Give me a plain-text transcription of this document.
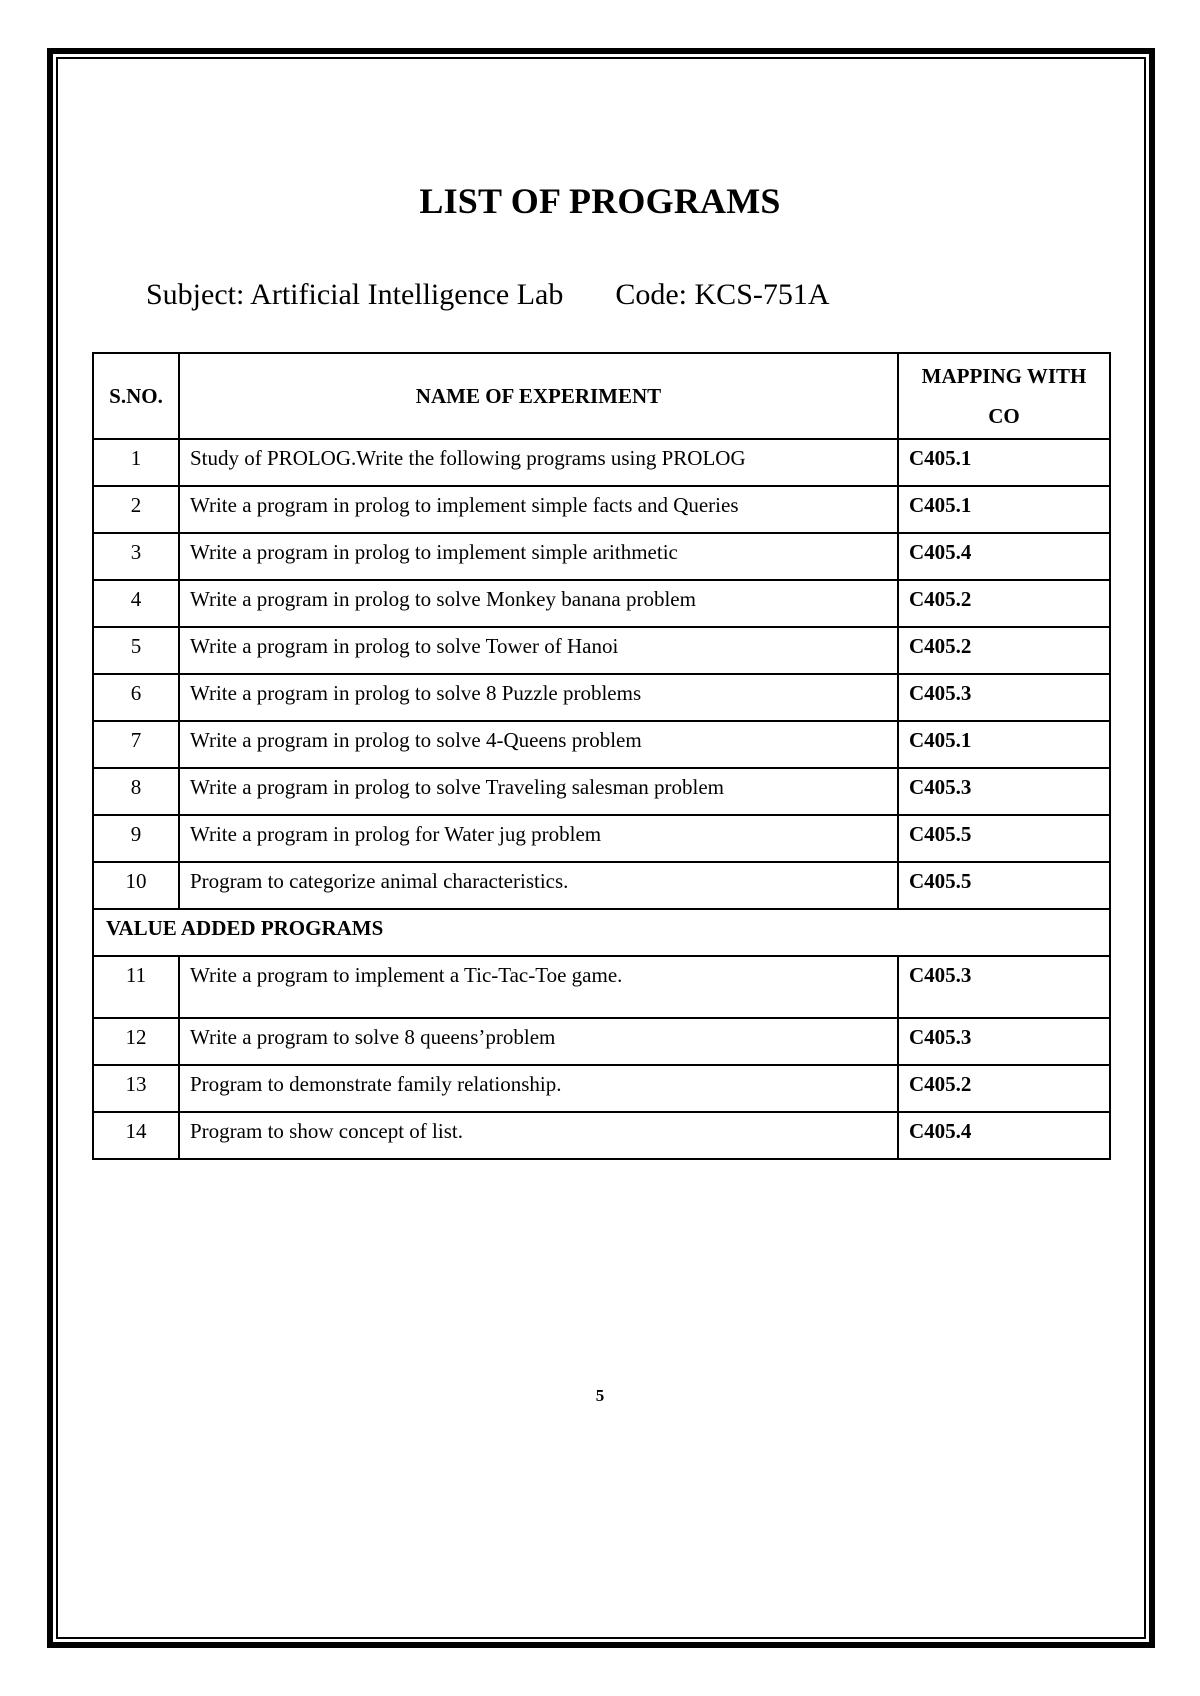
LIST OF PROGRAMS
Subject: Artificial Intelligence Lab Code: KCS-751A
S.NO.	NAME OF EXPERIMENT	MAPPING WITH CO
1	Study of PROLOG.Write the following programs using PROLOG	C405.1
2	Write a program in prolog to implement simple facts and Queries	C405.1
3	Write a program in prolog to implement simple arithmetic	C405.4
4	Write a program in prolog to solve Monkey banana problem	C405.2
5	Write a program in prolog to solve Tower of Hanoi	C405.2
6	Write a program in prolog to solve 8 Puzzle problems	C405.3
7	Write a program in prolog to solve 4-Queens problem	C405.1
8	Write a program in prolog to solve Traveling salesman problem	C405.3
9	Write a program in prolog for Water jug problem	C405.5
10	Program to categorize animal characteristics.	C405.5
VALUE ADDED PROGRAMS		
11	Write a program to implement a Tic-Tac-Toe game.	C405.3
12	Write a program to solve 8 queens’problem	C405.3
13	Program to demonstrate family relationship.	C405.2
14	Program to show concept of list.	C405.4
5
